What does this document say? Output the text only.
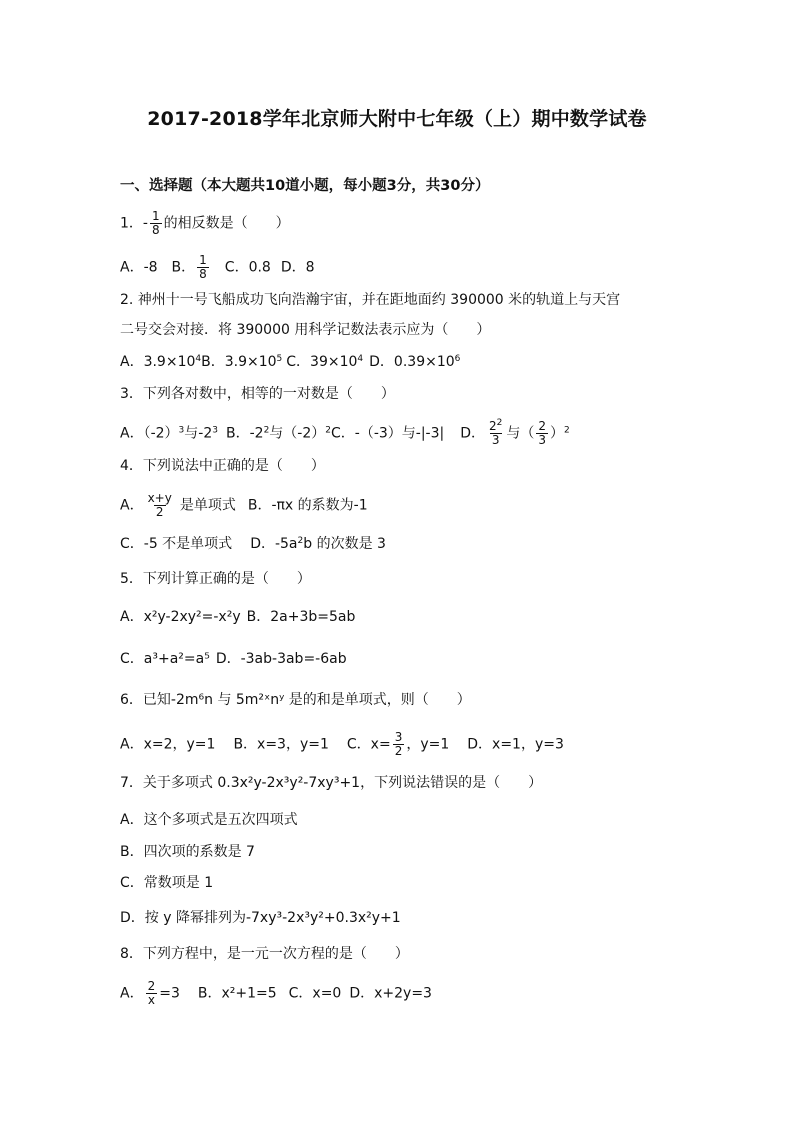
2017-2018学年北京师大附中七年级（上）期中数学试卷
一、选择题（本大题共10道小题，每小题3分，共30分）
1．- $\frac{1}{8}$ 的相反数是（　　）
A．-8 B． $\frac{1}{8}$ C．0.8 D．8
2. 神州十一号飞船成功飞向浩瀚宇宙，并在距地面约 390000 米的轨道上与天宫
二号交会对接．将 390000 用科学记数法表示应为（　　）
A．$3.9\times 10^4B$．$3.9\times 10^5$ C．$39\times 10^4$ D．$0.39\times 10^6$
3．下列各对数中，相等的一对数是（　　）
A．$(-2)^3$与$-2^3$ B．$-2^2$与$(-2)^2C$．-（-3）与-|-3| D． $\frac{2^2}{3}$ 与（ $\frac{2}{3} )^2$
4．下列说法中正确的是（　　）
A． $\frac{x+y}{2}$ 是单项式 B．-πx 的系数为-1
C．-5 不是单项式 D．$-5a^2b$ 的次数是 3
5．下列计算正确的是（　　）
A．x²y-2xy²=-x²y B．2a+3b=5ab
C．a³+a²=a⁵ D．-3ab-3ab=-6ab
6．已知-2m⁶n 与 5m²ˣnʸ 是的和是单项式，则（　　）
A．x=2，y=1 B．x=3，y=1 C．$x= \frac{3}{2}$ ，y=1 D．x=1，y=3
7．关于多项式 0.3x²y-2x³y²-7xy³+1，下列说法错误的是（　　）
A．这个多项式是五次四项式
B．四次项的系数是 7
C．常数项是 1
D．按 y 降幂排列为-7xy³-2x³y²+0.3x²y+1
8．下列方程中，是一元一次方程的是（　　）
A． $\frac{2}{x} =3$ B．x²+1=5 C．x=0 D．x+2y=3
